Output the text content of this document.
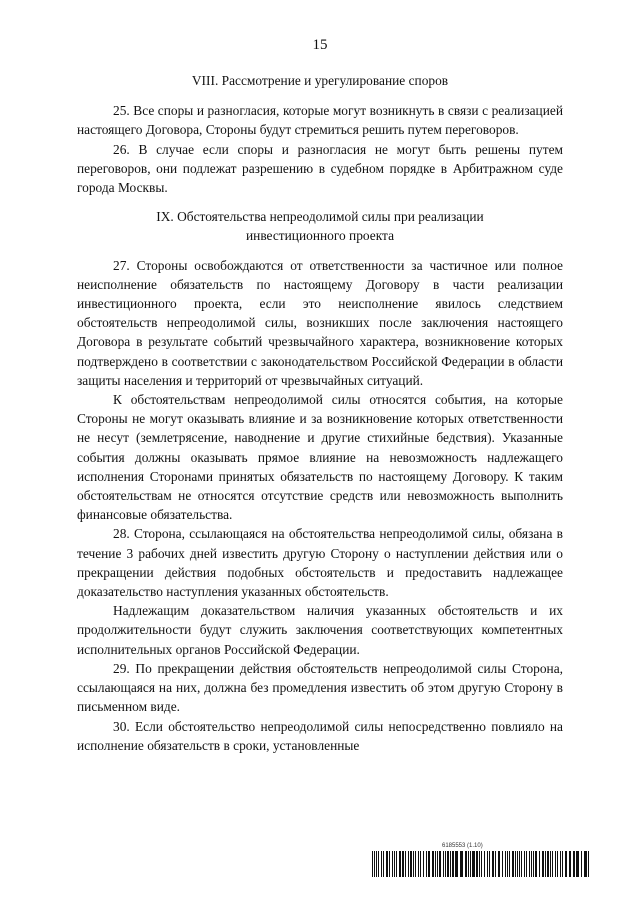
15
VIII. Рассмотрение и урегулирование споров

25. Все споры и разногласия, которые могут возникнуть в связи с реализацией настоящего Договора, Стороны будут стремиться решить путем переговоров.

26. В случае если споры и разногласия не могут быть решены путем переговоров, они подлежат разрешению в судебном порядке в Арбитражном суде города Москвы.

IX. Обстоятельства непреодолимой силы при реализации
инвестиционного проекта

27. Стороны освобождаются от ответственности за частичное или полное неисполнение обязательств по настоящему Договору в части реализации инвестиционного проекта, если это неисполнение явилось следствием обстоятельств непреодолимой силы, возникших после заключения настоящего Договора в результате событий чрезвычайного характера, возникновение которых подтверждено в соответствии с законодательством Российской Федерации в области защиты населения и территорий от чрезвычайных ситуаций.

К обстоятельствам непреодолимой силы относятся события, на которые Стороны не могут оказывать влияние и за возникновение которых ответственности не несут (землетрясение, наводнение и другие стихийные бедствия). Указанные события должны оказывать прямое влияние на невозможность надлежащего исполнения Сторонами принятых обязательств по настоящему Договору. К таким обстоятельствам не относятся отсутствие средств или невозможность выполнить финансовые обязательства.

28. Сторона, ссылающаяся на обстоятельства непреодолимой силы, обязана в течение 3 рабочих дней известить другую Сторону о наступлении действия или о прекращении действия подобных обстоятельств и предоставить надлежащее доказательство наступления указанных обстоятельств.

Надлежащим доказательством наличия указанных обстоятельств и их продолжительности будут служить заключения соответствующих компетентных исполнительных органов Российской Федерации.

29. По прекращении действия обстоятельств непреодолимой силы Сторона, ссылающаяся на них, должна без промедления известить об этом другую Сторону в письменном виде.

30. Если обстоятельство непреодолимой силы непосредственно повлияло на исполнение обязательств в сроки, установленные

6185553 (1.10)
